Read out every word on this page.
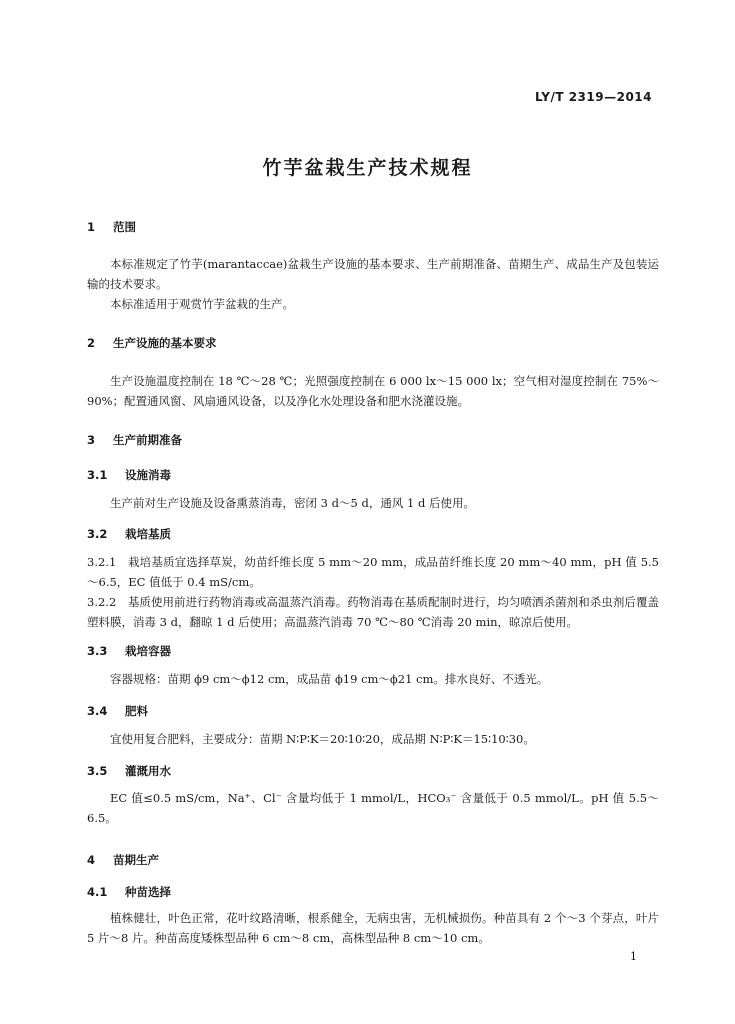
LY/T 2319—2014
竹芋盆栽生产技术规程
1 范围
本标准规定了竹芋(marantaccae)盆栽生产设施的基本要求、生产前期准备、苗期生产、成品生产及包装运输的技术要求。
本标准适用于观赏竹芋盆栽的生产。
2 生产设施的基本要求
生产设施温度控制在 18 ℃～28 ℃；光照强度控制在 6 000 lx～15 000 lx；空气相对湿度控制在 75%～90%；配置通风窗、风扇通风设备，以及净化水处理设备和肥水浇灌设施。
3 生产前期准备
3.1 设施消毒
生产前对生产设施及设备熏蒸消毒，密闭 3 d～5 d，通风 1 d 后使用。
3.2 栽培基质
3.2.1　栽培基质宜选择草炭，幼苗纤维长度 5 mm～20 mm，成品苗纤维长度 20 mm～40 mm，pH 值 5.5～6.5，EC 值低于 0.4 mS/cm。
3.2.2　基质使用前进行药物消毒或高温蒸汽消毒。药物消毒在基质配制时进行，均匀喷洒杀菌剂和杀虫剂后覆盖塑料膜，消毒 3 d，翻晾 1 d 后使用；高温蒸汽消毒 70 ℃～80 ℃消毒 20 min，晾凉后使用。
3.3 栽培容器
容器规格：苗期 ϕ9 cm～ϕ12 cm，成品苗 ϕ19 cm～ϕ21 cm。排水良好、不透光。
3.4 肥料
宜使用复合肥料，主要成分：苗期 N∶P∶K＝20∶10∶20，成品期 N∶P∶K＝15∶10∶30。
3.5 灌溉用水
EC 值≤0.5 mS/cm，Na⁺、Cl⁻ 含量均低于 1 mmol/L，HCO₃⁻ 含量低于 0.5 mmol/L。pH 值 5.5～6.5。
4 苗期生产
4.1 种苗选择
植株健壮，叶色正常，花叶纹路清晰，根系健全，无病虫害，无机械损伤。种苗具有 2 个～3 个芽点，叶片 5 片～8 片。种苗高度矮株型品种 6 cm～8 cm，高株型品种 8 cm～10 cm。
1
